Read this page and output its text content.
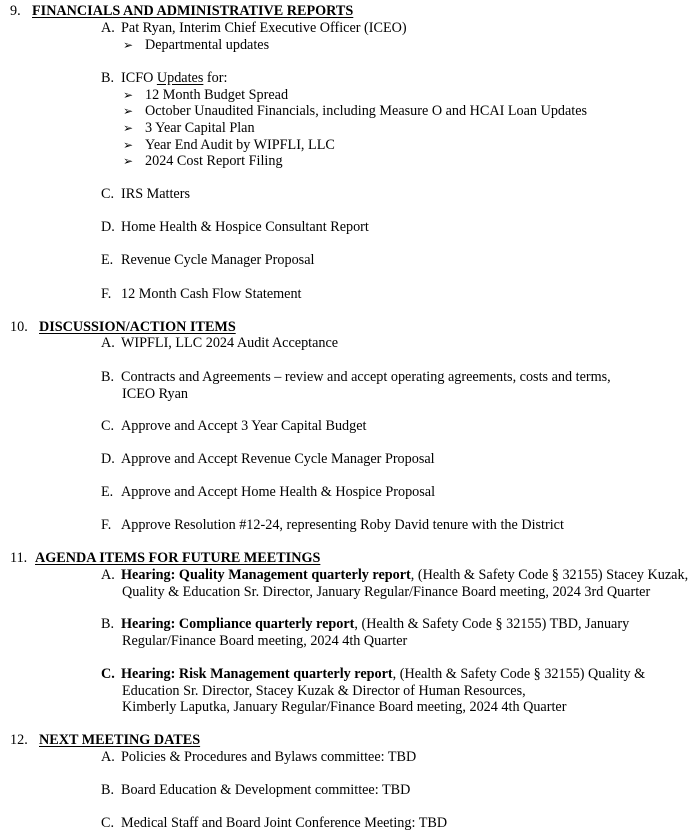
9. FINANCIALS AND ADMINISTRATIVE REPORTS
A. Pat Ryan, Interim Chief Executive Officer (ICEO)
➢ Departmental updates
B. ICFO Updates for:
➢ 12 Month Budget Spread
➢ October Unaudited Financials, including Measure O and HCAI Loan Updates
➢ 3 Year Capital Plan
➢ Year End Audit by WIPFLI, LLC
➢ 2024 Cost Report Filing
C. IRS Matters
D. Home Health & Hospice Consultant Report
E. Revenue Cycle Manager Proposal
F. 12 Month Cash Flow Statement
10. DISCUSSION/ACTION ITEMS
A. WIPFLI, LLC 2024 Audit Acceptance
B. Contracts and Agreements – review and accept operating agreements, costs and terms,
ICEO Ryan
C. Approve and Accept 3 Year Capital Budget
D. Approve and Accept Revenue Cycle Manager Proposal
E. Approve and Accept Home Health & Hospice Proposal
F. Approve Resolution #12-24, representing Roby David tenure with the District
11. AGENDA ITEMS FOR FUTURE MEETINGS
A. Hearing: Quality Management quarterly report, (Health & Safety Code § 32155) Stacey Kuzak,
Quality & Education Sr. Director, January Regular/Finance Board meeting, 2024 3rd Quarter
B. Hearing: Compliance quarterly report, (Health & Safety Code § 32155) TBD, January
Regular/Finance Board meeting, 2024 4th Quarter
C. Hearing: Risk Management quarterly report, (Health & Safety Code § 32155) Quality &
Education Sr. Director, Stacey Kuzak & Director of Human Resources,
Kimberly Laputka, January Regular/Finance Board meeting, 2024 4th Quarter
12. NEXT MEETING DATES
A. Policies & Procedures and Bylaws committee: TBD
B. Board Education & Development committee: TBD
C. Medical Staff and Board Joint Conference Meeting: TBD
